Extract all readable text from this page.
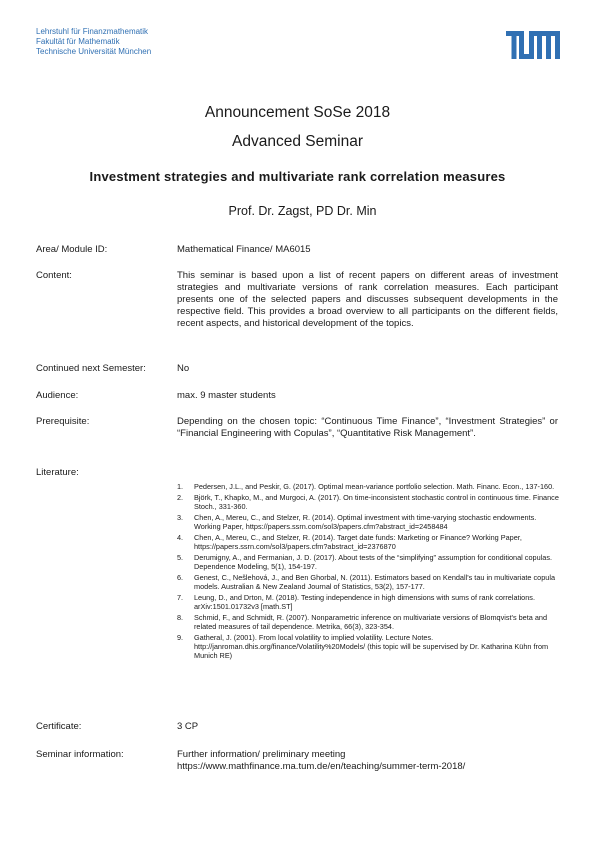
Lehrstuhl für Finanzmathematik
Fakultät für Mathematik
Technische Universität München
Announcement SoSe 2018
Advanced Seminar
Investment strategies and multivariate rank correlation measures
Prof. Dr. Zagst, PD Dr. Min
Area/ Module ID:	Mathematical Finance/ MA6015
Content:	This seminar is based upon a list of recent papers on different areas of investment strategies and multivariate versions of rank correlation measures. Each participant presents one of the selected papers and discusses subsequent developments in the respective field. This provides a broad overview to all participants on the different fields, recent aspects, and historical development of the topics.
Continued next Semester:	No
Audience:	max. 9 master students
Prerequisite:	Depending on the chosen topic: “Continuous Time Finance”, “Investment Strategies” or “Financial Engineering with Copulas”, “Quantitative Risk Management”.
Literature:
1. Pedersen, J.L., and Peskir, G. (2017). Optimal mean-variance portfolio selection. Math. Financ. Econ., 137-160.
2. Björk, T., Khapko, M., and Murgoci, A. (2017). On time-inconsistent stochastic control in continuous time. Finance Stoch., 331-360.
3. Chen, A., Mereu, C., and Stelzer, R. (2014). Optimal investment with time-varying stochastic endowments. Working Paper, https://papers.ssrn.com/sol3/papers.cfm?abstract_id=2458484
4. Chen, A., Mereu, C., and Stelzer, R. (2014). Target date funds: Marketing or Finance? Working Paper, https://papers.ssrn.com/sol3/papers.cfm?abstract_id=2376870
5. Derumigny, A., and Fermanian, J. D. (2017). About tests of the “simplifying” assumption for conditional copulas. Dependence Modeling, 5(1), 154-197.
6. Genest, C., Nešlehová, J., and Ben Ghorbal, N. (2011). Estimators based on Kendall's tau in multivariate copula models. Australian & New Zealand Journal of Statistics, 53(2), 157-177.
7. Leung, D., and Drton, M. (2018). Testing independence in high dimensions with sums of rank correlations. arXiv:1501.01732v3 [math.ST]
8. Schmid, F., and Schmidt, R. (2007). Nonparametric inference on multivariate versions of Blomqvist's beta and related measures of tail dependence. Metrika, 66(3), 323-354.
9. Gatheral, J. (2001). From local volatility to implied volatility. Lecture Notes. http://janroman.dhis.org/finance/Volatility%20Models/ (this topic will be supervised by Dr. Katharina Kühn from Munich RE)
Certificate:	3 CP
Seminar information:	Further information/ preliminary meeting
https://www.mathfinance.ma.tum.de/en/teaching/summer-term-2018/
